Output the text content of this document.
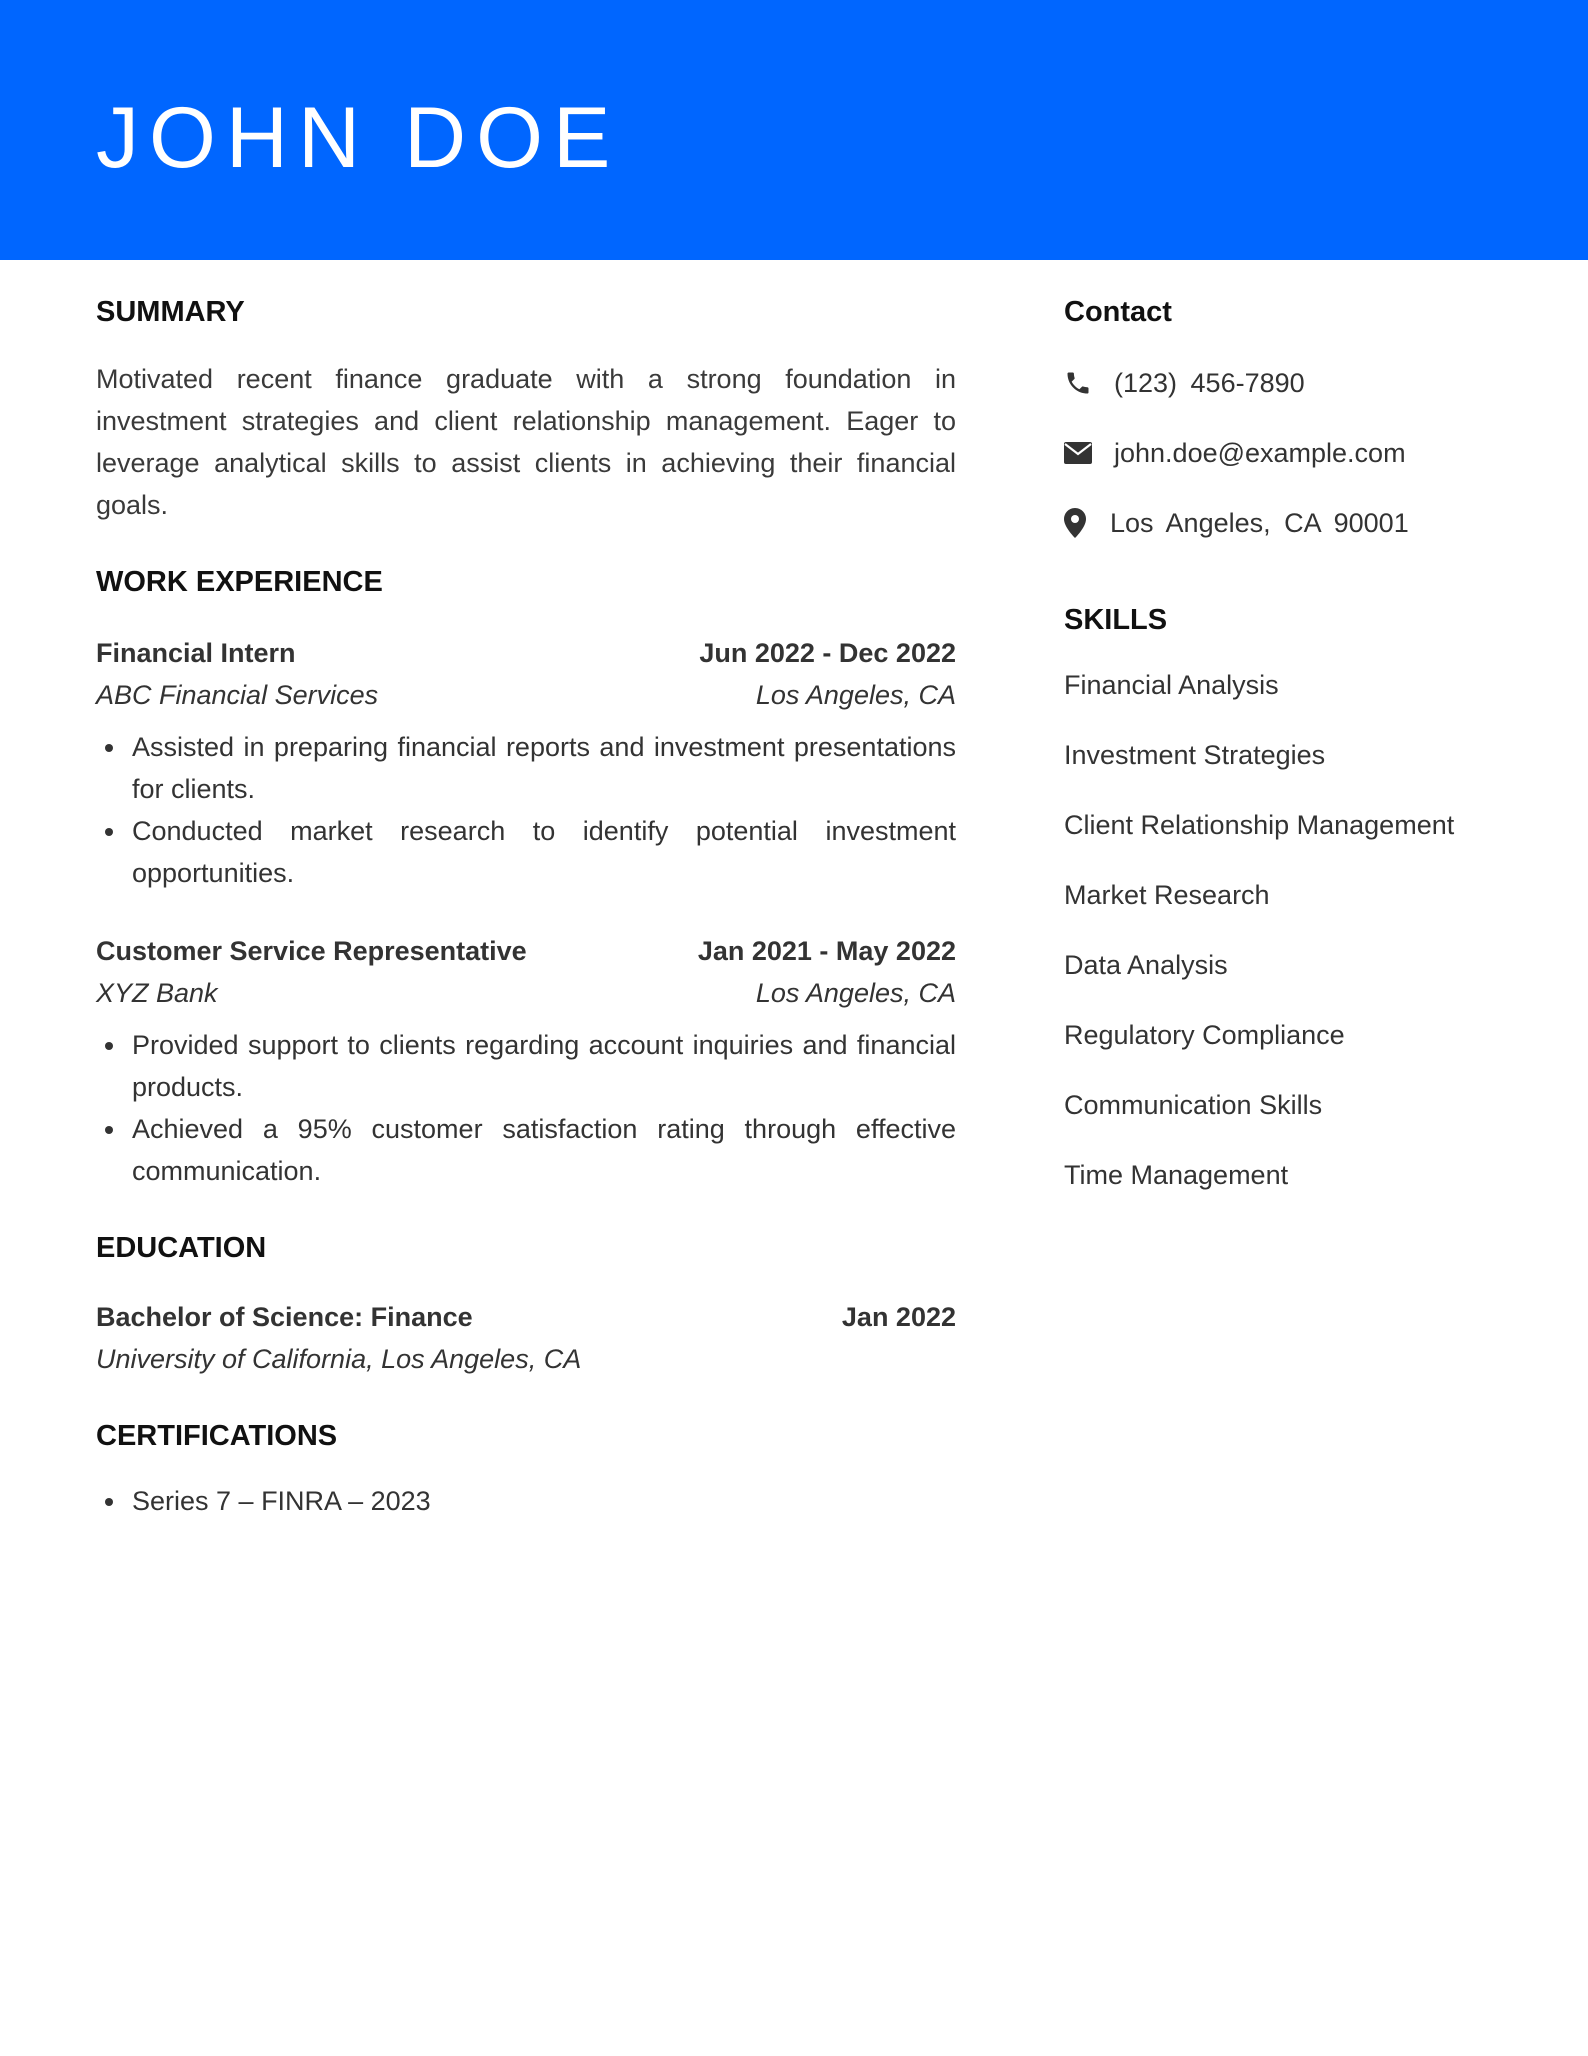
JOHN DOE
SUMMARY

Motivated recent finance graduate with a strong foundation in investment strategies and client relationship management. Eager to leverage analytical skills to assist clients in achieving their financial goals.

WORK EXPERIENCE
Financial Intern	Jun 2022 - Dec 2022
ABC Financial Services	Los Angeles, CA
Assisted in preparing financial reports and investment presentations for clients.
Conducted market research to identify potential investment opportunities.
Customer Service Representative	Jan 2021 - May 2022
XYZ Bank	Los Angeles, CA
Provided support to clients regarding account inquiries and financial products.
Achieved a 95% customer satisfaction rating through effective communication.
EDUCATION
Bachelor of Science: Finance	Jan 2022
University of California, Los Angeles, CA
CERTIFICATIONS
Series 7 – FINRA – 2023
Contact
(123) 456-7890
john.doe@example.com
Los Angeles, CA 90001
SKILLS
Financial Analysis
Investment Strategies
Client Relationship Management
Market Research
Data Analysis
Regulatory Compliance
Communication Skills
Time Management
